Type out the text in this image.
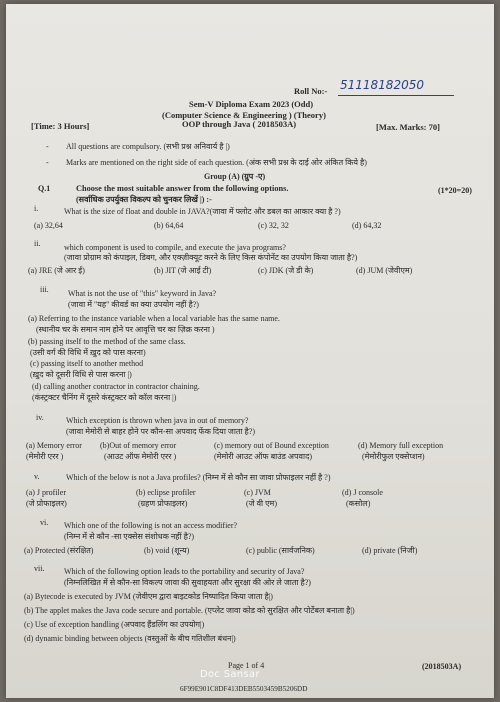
Roll No:- 51118182050
Sem-V Diploma Exam 2023 (Odd)
(Computer Science & Engineering ) (Theory)
[Time: 3 Hours]	OOP through Java ( 2018503A)	[Max. Marks: 70]
- All questions are compulsory. (सभी प्रश्न अनिवार्य है |)
- Marks are mentioned on the right side of each question. (अंक सभी प्रश्न के दाई ओर अंकित किये है)
Group (A) (ग्रुप -ए)
Q.1	Choose the most suitable answer from the following options.
(सर्वाधिक उपर्युक्त विकल्प को चुनकर लिखें |) :-
(1*20=20)
i.	What is the size of float and double in JAVA?(जावा में फ्लोट और डबल का आकार क्या है ?)
(a) 32,64	(b) 64,64	(c) 32, 32	(d) 64,32
ii.	which component is used to compile, and execute the java programs?
(जावा प्रोग्राम को कंपाइल, डिबग, और एक्ज़ीक्यूट करने के लिए किस कंपोनेंट का उपयोग किया जाता है?)
(a) JRE (जे आर ई)	(b) JIT (जे आई टी)	(c) JDK (जे डी के)	(d) JUM (जेवीएम)
iii. What is not the use of "this" keyword in Java?
(जावा में "यह" कीवर्ड का क्या उपयोग नहीं है?)
(a) Referring to the instance variable when a local variable has the same name.
(स्थानीय चर के समान नाम होने पर आवृत्ति चर का ज़िक्र करना )
(b) passing itself to the method of the same class.
(उसी वर्ग की विधि में ख़ुद को पास करना)
(c) passing itself to another method
(ख़ुद को दूसरी विधि से पास करना |)
(d) calling another contractor in contractor chaining.
(कंस्ट्रक्टर चैनिंग में दूसरे कंस्ट्रक्टर को कॉल करना |)
iv.	Which exception is thrown when java in out of memory?
(जावा मेमोरी से बाहर होने पर कौन-सा अपवाद फेंक दिया जाता है?)
(a) Memory error
(मेमोरी एरर )
(b)Out of memory error
(आउट ऑफ मेमोरी एरर )
(c) memory out of Bound exception
(मेमोरी आउट ऑफ बाउंड अपवाद)
(d) Memory full exception
(मेमोरीफुल एक्सेप्शन)
v.	Which of the below is not a Java profiles? (निम्न में से कौन सा जावा प्रोफाइलर नहीं है ?)
(a) J profiler
(जे प्रोफाइलर)
(b) eclipse profiler
(ग्रहण प्रोफाइलर)
(c) JVM
(जे वी एम)
(d) J console
(कसोल)
vi. Which one of the following is not an access modifier?
(निम्न में से कौन -सा एक्सेस संशोधक नहीं है?)
(a) Protected (संरक्षित)	(b) void (शून्य)	(c) public (सार्वजनिक)	(d) private (निजी)
vii. Which of the following option leads to the portability and security of Java?
(निम्नलिखित में से कौन-सा विकल्प जावा की सुवाहयता और सुरक्षा की ओर ले जाता है?)
(a) Bytecode is executed by JVM (जेवीएम द्वारा बाइटकोड निष्पादित किया जाता है|)
(b) The applet makes the Java code secure and portable. (एप्लेट जावा कोड को सुरक्षित और पोर्टेबल बनाता है|)
(c) Use of exception handling (अपवाद हैंडलिंग का उपयोग|)
(d) dynamic binding between objects (वस्तुओं के बीच गतिशील बंधन|)
Page 1 of 4
Doc Sansar
6F99E901C8DF413DEB5503459B5206DD
(2018503A)
